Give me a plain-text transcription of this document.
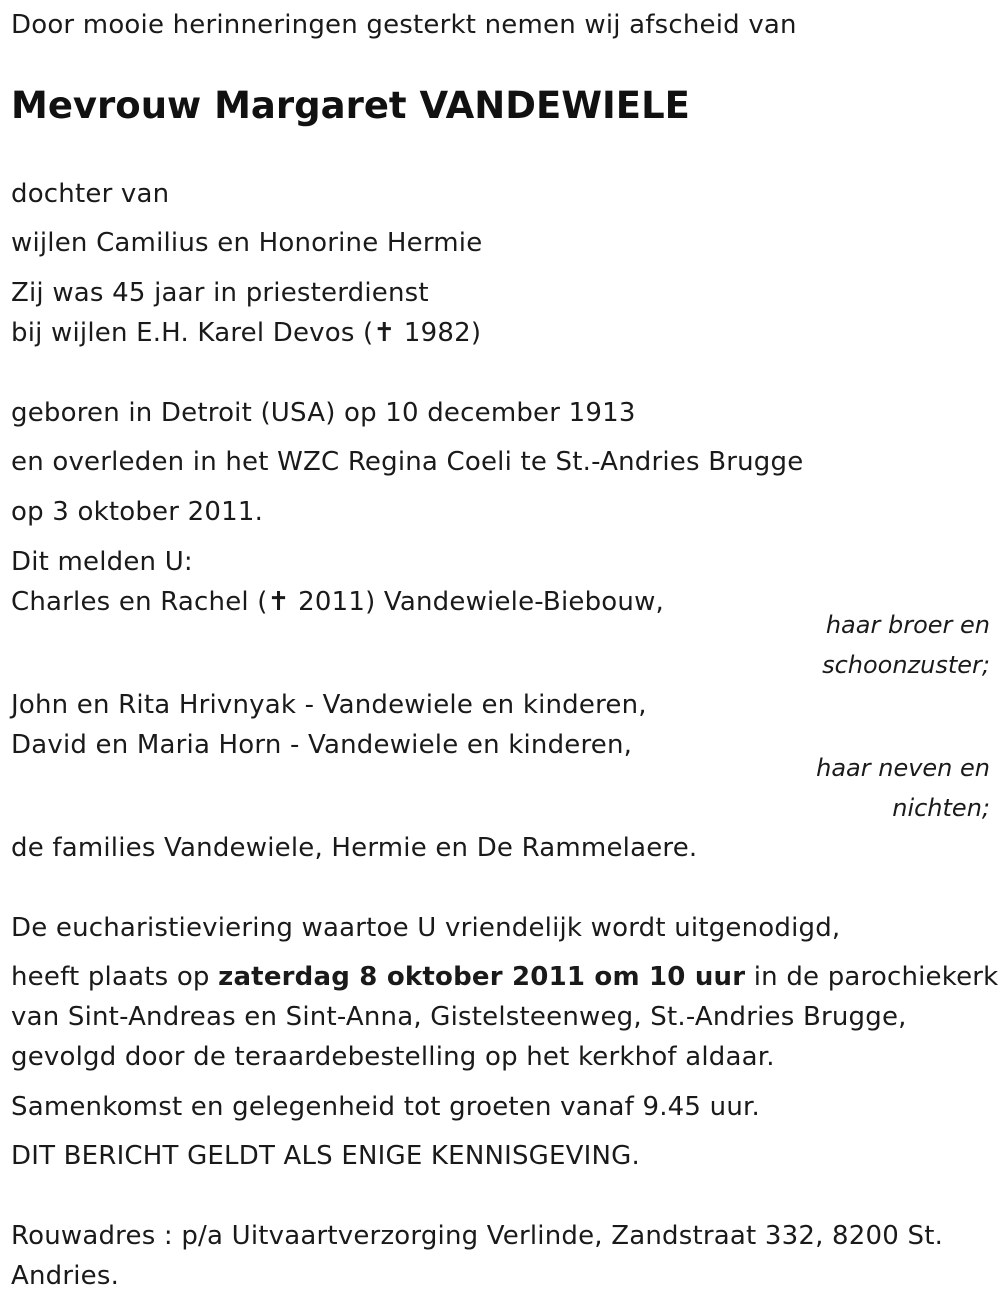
Door mooie herinneringen gesterkt nemen wij afscheid van
Mevrouw Margaret VANDEWIELE
dochter van
wijlen Camilius en Honorine Hermie
Zij was 45 jaar in priesterdienst
bij wijlen E.H. Karel Devos (✝ 1982)
geboren in Detroit (USA) op 10 december 1913
en overleden in het WZC Regina Coeli te St.-Andries Brugge
op 3 oktober 2011.
Dit melden U:
Charles en Rachel (✝ 2011) Vandewiele-Biebouw,
haar broer en
schoonzuster;
John en Rita Hrivnyak - Vandewiele en kinderen,
David en Maria Horn - Vandewiele en kinderen,
haar neven en
nichten;
de families Vandewiele, Hermie en De Rammelaere.
De eucharistieviering waartoe U vriendelijk wordt uitgenodigd,
heeft plaats op zaterdag 8 oktober 2011 om 10 uur in de parochiekerk
van Sint-Andreas en Sint-Anna, Gistelsteenweg, St.-Andries Brugge,
gevolgd door de teraardebestelling op het kerkhof aldaar.
Samenkomst en gelegenheid tot groeten vanaf 9.45 uur.
DIT BERICHT GELDT ALS ENIGE KENNISGEVING.
Rouwadres : p/a Uitvaartverzorging Verlinde, Zandstraat 332, 8200 St.
Andries.
